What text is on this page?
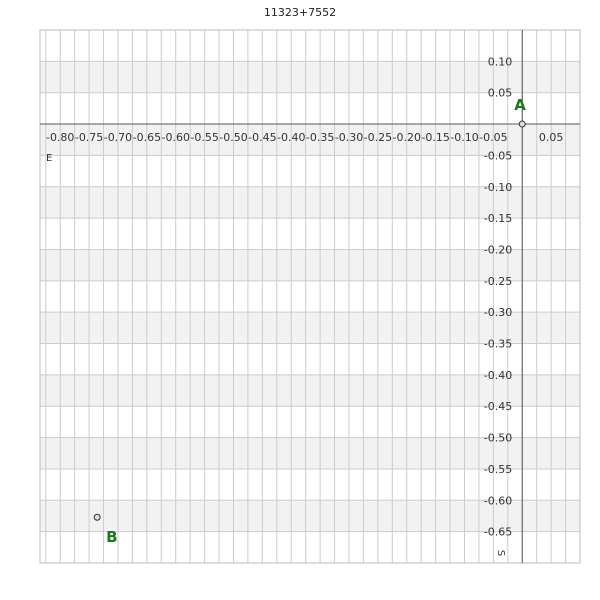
11323+7552
-0.80 -0.75 -0.70 -0.65 -0.60 -0.55 -0.50 -0.45 -0.40 -0.35 -0.30 -0.25 -0.20 -0.15 -0.10 -0.05	0.05
0.10
0.05
-0.05
-0.10
-0.15
-0.20
-0.25
-0.30
-0.35
-0.40
-0.45
-0.50
-0.55
-0.60
-0.65
E
S
A
B
